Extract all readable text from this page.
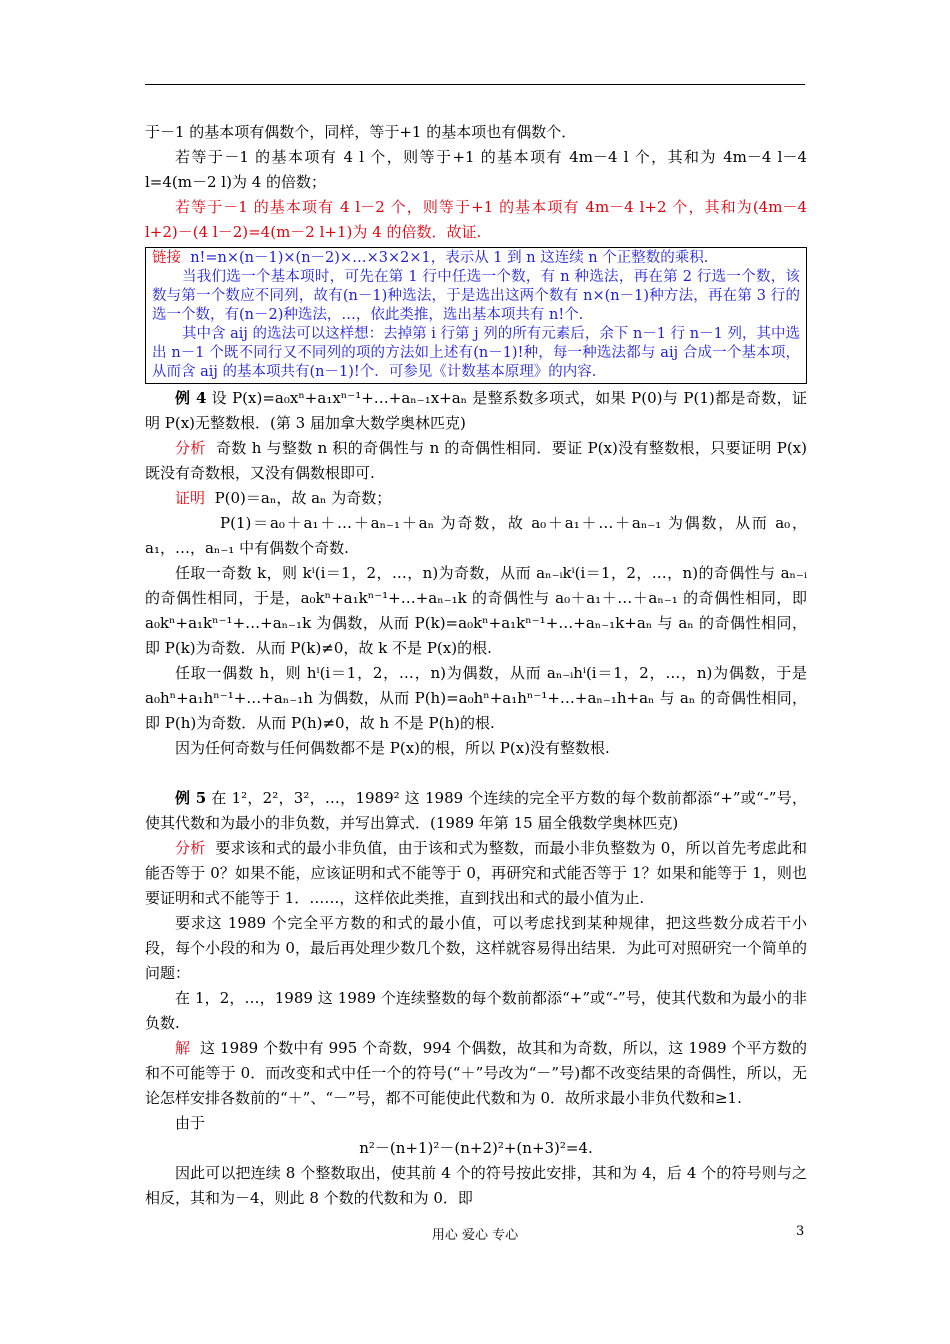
于－1 的基本项有偶数个，同样，等于+1 的基本项也有偶数个．

若等于－1 的基本项有 4 l 个，则等于+1 的基本项有 4m－4 l 个，其和为 4m－4 l－4 l=4(m－2 l)为 4 的倍数；

若等于－1 的基本项有 4 l－2 个，则等于+1 的基本项有 4m－4 l+2 个，其和为(4m－4 l+2)－(4 l－2)=4(m－2 l+1)为 4 的倍数．故证.

链接 n!=n×(n－1)×(n－2)×…×3×2×1，表示从 1 到 n 这连续 n 个正整数的乘积.

当我们选一个基本项时，可先在第 1 行中任选一个数，有 n 种选法，再在第 2 行选一个数，该数与第一个数应不同列，故有(n－1)种选法，于是选出这两个数有 n×(n－1)种方法，再在第 3 行的选一个数，有(n－2)种选法，…，依此类推，选出基本项共有 n!个.

其中含 aij 的选法可以这样想：去掉第 i 行第 j 列的所有元素后，余下 n－1 行 n－1 列，其中选出 n－1 个既不同行又不同列的项的方法如上述有(n－1)!种，每一种选法都与 aij 合成一个基本项，从而含 aij 的基本项共有(n－1)!个．可参见《计数基本原理》的内容.

例 4 设 P(x)=a₀xⁿ+a₁xⁿ⁻¹+…+aₙ₋₁x+aₙ 是整系数多项式，如果 P(0)与 P(1)都是奇数，证明 P(x)无整数根．(第 3 届加拿大数学奥林匹克)

分析 奇数 h 与整数 n 积的奇偶性与 n 的奇偶性相同．要证 P(x)没有整数根，只要证明 P(x)既没有奇数根，又没有偶数根即可.

证明 P(0)＝aₙ，故 aₙ 为奇数；

P(1)＝a₀＋a₁＋…＋aₙ₋₁＋aₙ 为奇数，故 a₀＋a₁＋…＋aₙ₋₁ 为偶数，从而 a₀，a₁，…，aₙ₋₁ 中有偶数个奇数.

任取一奇数 k，则 kⁱ(i＝1，2，…，n)为奇数，从而 aₙ₋ᵢkⁱ(i＝1，2，…，n)的奇偶性与 aₙ₋ᵢ 的奇偶性相同，于是，a₀kⁿ+a₁kⁿ⁻¹+…+aₙ₋₁k 的奇偶性与 a₀＋a₁＋…＋aₙ₋₁ 的奇偶性相同，即 a₀kⁿ+a₁kⁿ⁻¹+…+aₙ₋₁k 为偶数，从而 P(k)=a₀kⁿ+a₁kⁿ⁻¹+…+aₙ₋₁k+aₙ 与 aₙ 的奇偶性相同，即 P(k)为奇数．从而 P(k)≠0，故 k 不是 P(x)的根.

任取一偶数 h，则 hⁱ(i＝1，2，…，n)为偶数，从而 aₙ₋ᵢhⁱ(i＝1，2，…，n)为偶数，于是 a₀hⁿ+a₁hⁿ⁻¹+…+aₙ₋₁h 为偶数，从而 P(h)=a₀hⁿ+a₁hⁿ⁻¹+…+aₙ₋₁h+aₙ 与 aₙ 的奇偶性相同，即 P(h)为奇数．从而 P(h)≠0，故 h 不是 P(h)的根.

因为任何奇数与任何偶数都不是 P(x)的根，所以 P(x)没有整数根.

例 5 在 1²，2²，3²，…，1989² 这 1989 个连续的完全平方数的每个数前都添“+”或“-”号，使其代数和为最小的非负数，并写出算式．(1989 年第 15 届全俄数学奥林匹克)

分析 要求该和式的最小非负值，由于该和式为整数，而最小非负整数为 0，所以首先考虑此和能否等于 0？如果不能，应该证明和式不能等于 0，再研究和式能否等于 1？如果和能等于 1，则也要证明和式不能等于 1．……，这样依此类推，直到找出和式的最小值为止.

要求这 1989 个完全平方数的和式的最小值，可以考虑找到某种规律，把这些数分成若干小段，每个小段的和为 0，最后再处理少数几个数，这样就容易得出结果．为此可对照研究一个简单的问题：

在 1，2，…，1989 这 1989 个连续整数的每个数前都添“+”或“-”号，使其代数和为最小的非负数.

解 这 1989 个数中有 995 个奇数，994 个偶数，故其和为奇数，所以，这 1989 个平方数的和不可能等于 0．而改变和式中任一个的符号(“＋”号改为“－”号)都不改变结果的奇偶性，所以，无论怎样安排各数前的“＋”、“－”号，都不可能使此代数和为 0．故所求最小非负代数和≥1.

由于

n²－(n+1)²－(n+2)²+(n+3)²=4.

因此可以把连续 8 个整数取出，使其前 4 个的符号按此安排，其和为 4，后 4 个的符号则与之相反，其和为－4，则此 8 个数的代数和为 0．即

用心 爱心 专心	3
